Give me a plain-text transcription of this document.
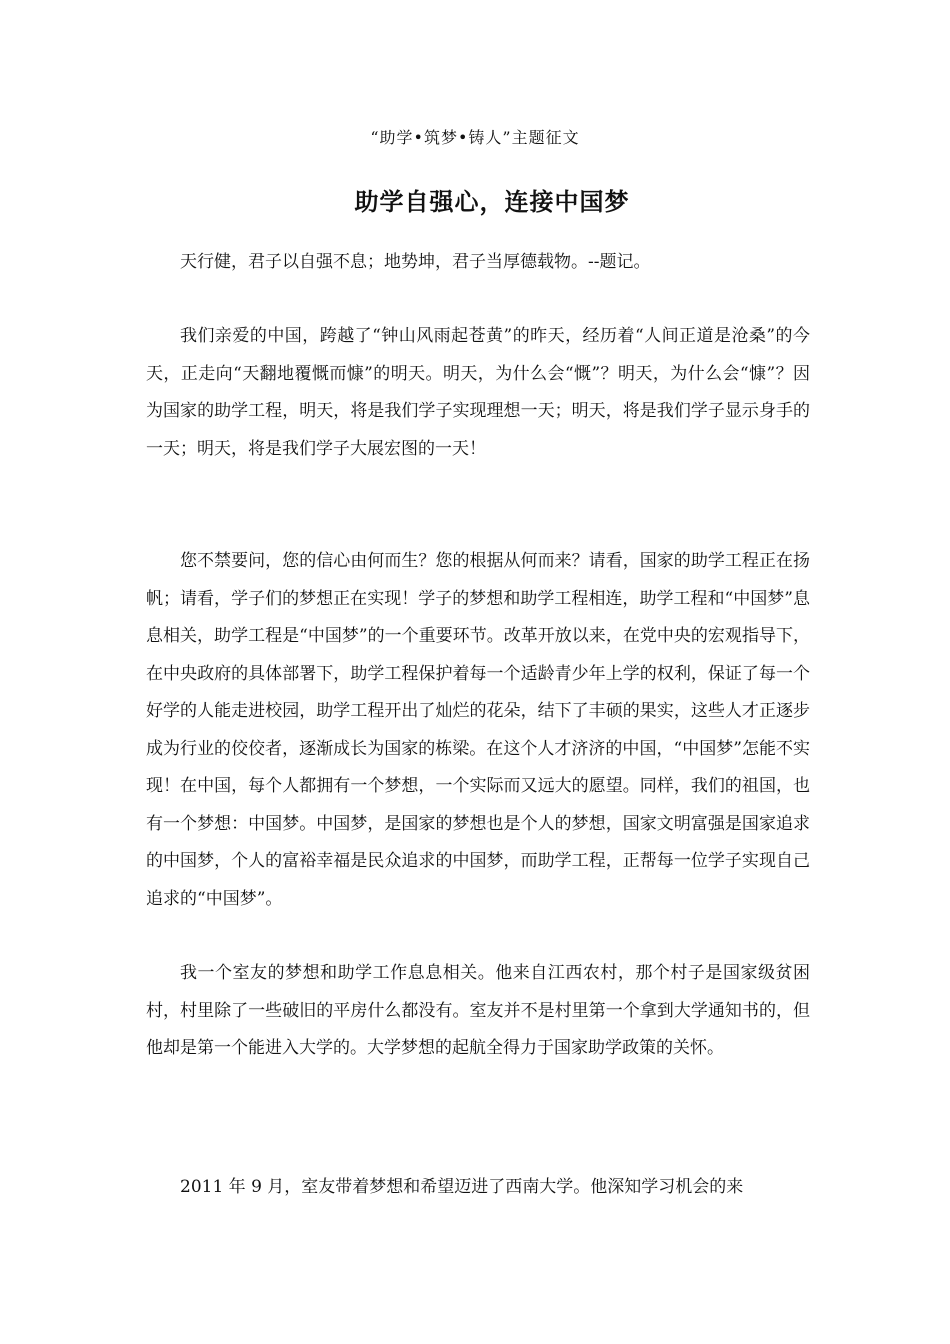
“助学•筑梦•铸人”主题征文
助学自强心，连接中国梦

天行健，君子以自强不息；地势坤，君子当厚德载物。--题记。

我们亲爱的中国，跨越了“钟山风雨起苍黄”的昨天，经历着“人间正道是沧桑”的今天，正走向“天翻地覆慨而慷”的明天。明天，为什么会“慨”？明天，为什么会“慷”？因为国家的助学工程，明天，将是我们学子实现理想一天；明天，将是我们学子显示身手的一天；明天，将是我们学子大展宏图的一天！

您不禁要问，您的信心由何而生？您的根据从何而来？请看，国家的助学工程正在扬帆；请看，学子们的梦想正在实现！学子的梦想和助学工程相连，助学工程和“中国梦”息息相关，助学工程是“中国梦”的一个重要环节。改革开放以来，在党中央的宏观指导下，在中央政府的具体部署下，助学工程保护着每一个适龄青少年上学的权利，保证了每一个好学的人能走进校园，助学工程开出了灿烂的花朵，结下了丰硕的果实，这些人才正逐步成为行业的佼佼者，逐渐成长为国家的栋梁。在这个人才济济的中国，“中国梦”怎能不实现！在中国，每个人都拥有一个梦想，一个实际而又远大的愿望。同样，我们的祖国，也有一个梦想：中国梦。中国梦，是国家的梦想也是个人的梦想，国家文明富强是国家追求的中国梦，个人的富裕幸福是民众追求的中国梦，而助学工程，正帮每一位学子实现自己追求的“中国梦”。

我一个室友的梦想和助学工作息息相关。他来自江西农村，那个村子是国家级贫困村，村里除了一些破旧的平房什么都没有。室友并不是村里第一个拿到大学通知书的，但他却是第一个能进入大学的。大学梦想的起航全得力于国家助学政策的关怀。

2011 年 9 月，室友带着梦想和希望迈进了西南大学。他深知学习机会的来
